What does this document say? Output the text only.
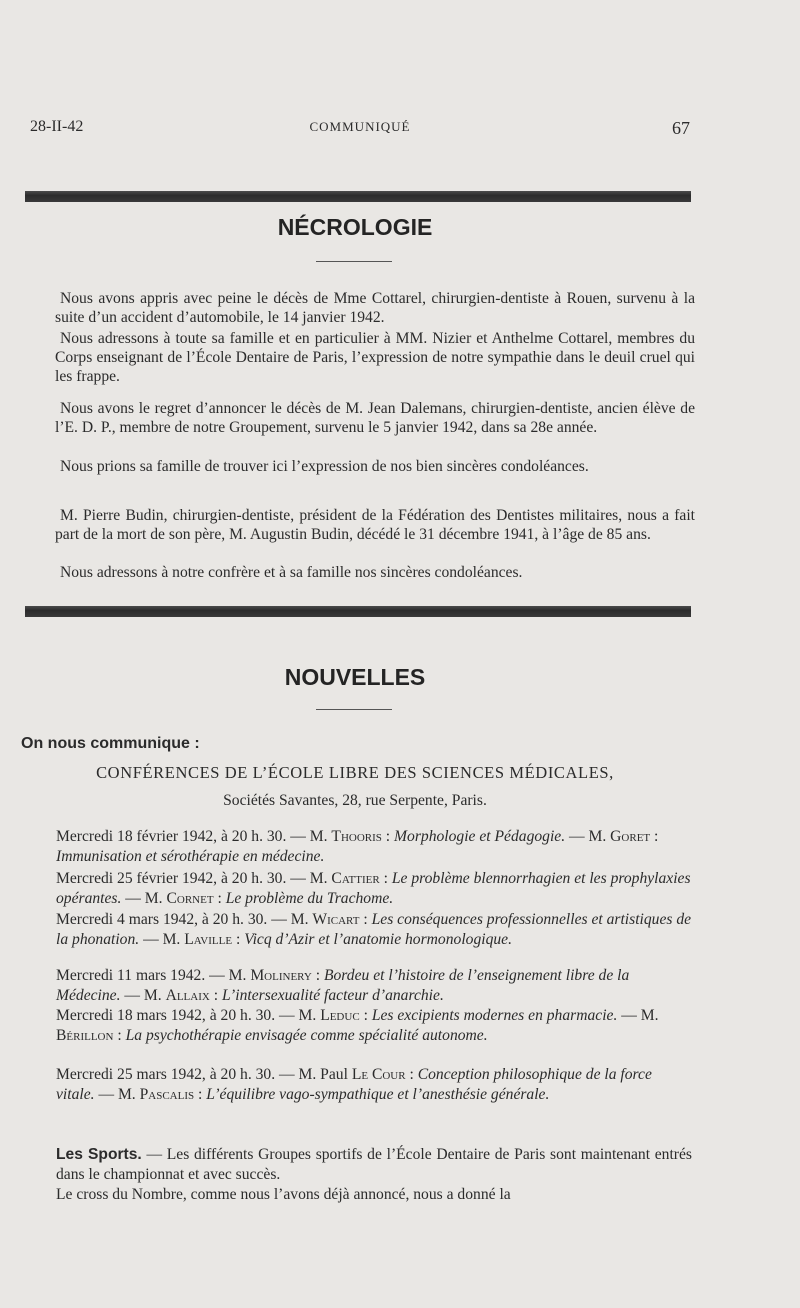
28-II-42	COMMUNIQUÉ	67
NÉCROLOGIE

Nous avons appris avec peine le décès de Mme Cottarel, chirurgien-dentiste à Rouen, survenu à la suite d’un accident d’automobile, le 14 janvier 1942.

Nous adressons à toute sa famille et en particulier à MM. Nizier et Anthelme Cottarel, membres du Corps enseignant de l’École Dentaire de Paris, l’expression de notre sympathie dans le deuil cruel qui les frappe.

Nous avons le regret d’annoncer le décès de M. Jean Dalemans, chirurgien-dentiste, ancien élève de l’E. D. P., membre de notre Groupement, survenu le 5 janvier 1942, dans sa 28e année.

Nous prions sa famille de trouver ici l’expression de nos bien sincères condoléances.

M. Pierre Budin, chirurgien-dentiste, président de la Fédération des Dentistes militaires, nous a fait part de la mort de son père, M. Augustin Budin, décédé le 31 décembre 1941, à l’âge de 85 ans.

Nous adressons à notre confrère et à sa famille nos sincères condoléances.

NOUVELLES
On nous communique :
CONFÉRENCES DE L’ÉCOLE LIBRE DES SCIENCES MÉDICALES,
Sociétés Savantes, 28, rue Serpente, Paris.
Mercredi 18 février 1942, à 20 h. 30. — M. Thooris : Morphologie et Pédagogie. — M. Goret : Immunisation et sérothérapie en médecine.
Mercredi 25 février 1942, à 20 h. 30. — M. Cattier : Le problème blennorrhagien et les prophylaxies opérantes. — M. Cornet : Le problème du Trachome.
Mercredi 4 mars 1942, à 20 h. 30. — M. Wicart : Les conséquences professionnelles et artistiques de la phonation. — M. Laville : Vicq d’Azir et l’anatomie hormonologique.
Mercredi 11 mars 1942. — M. Molinery : Bordeu et l’histoire de l’enseignement libre de la Médecine. — M. Allaix : L’intersexualité facteur d’anarchie.
Mercredi 18 mars 1942, à 20 h. 30. — M. Leduc : Les excipients modernes en pharmacie. — M. Bérillon : La psychothérapie envisagée comme spécialité autonome.
Mercredi 25 mars 1942, à 20 h. 30. — M. Paul Le Cour : Conception philosophique de la force vitale. — M. Pascalis : L’équilibre vago-sympathique et l’anesthésie générale.
Les Sports. — Les différents Groupes sportifs de l’École Dentaire de Paris sont maintenant entrés dans le championnat et avec succès.
Le cross du Nombre, comme nous l’avons déjà annoncé, nous a donné la
